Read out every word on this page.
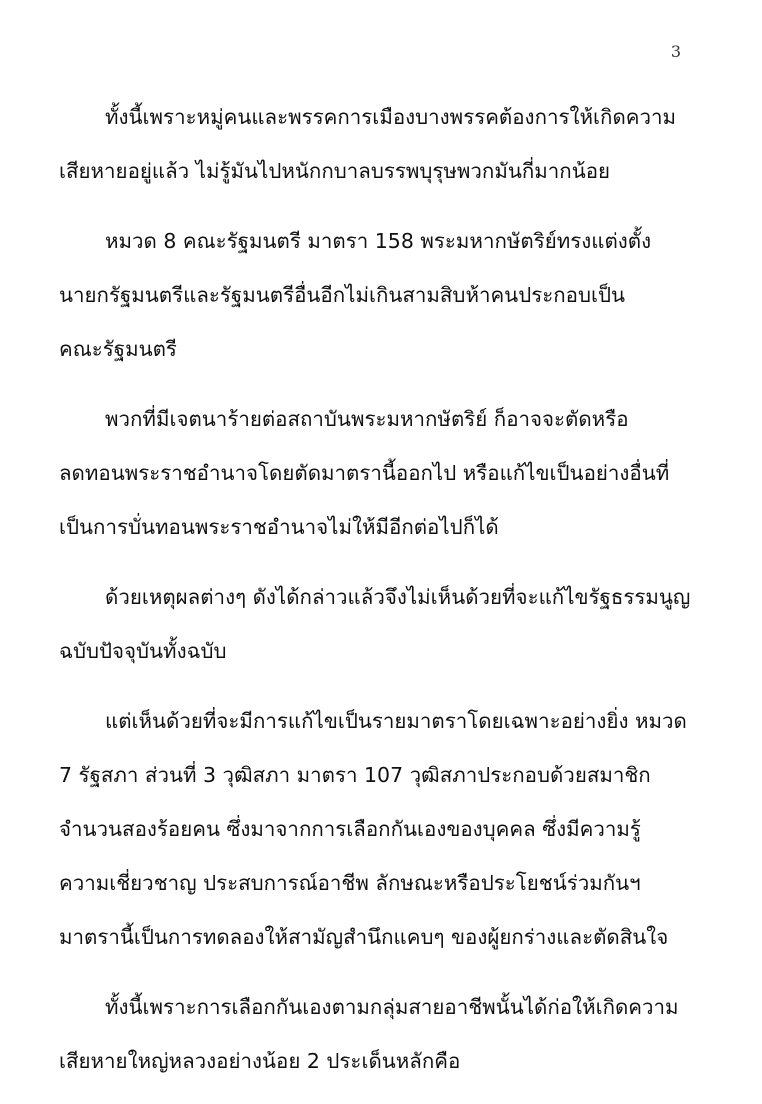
3
ทั้งนี้เพราะหมู่คนและพรรคการเมืองบางพรรคต้องการให้เกิดความ
เสียหายอยู่แล้ว ไม่รู้มันไปหนักกบาลบรรพบุรุษพวกมันกี่มากน้อย
หมวด 8 คณะรัฐมนตรี มาตรา 158 พระมหากษัตริย์ทรงแต่งตั้ง
นายกรัฐมนตรีและรัฐมนตรีอื่นอีกไม่เกินสามสิบห้าคนประกอบเป็น
คณะรัฐมนตรี
พวกที่มีเจตนาร้ายต่อสถาบันพระมหากษัตริย์ ก็อาจจะตัดหรือ
ลดทอนพระราชอำนาจโดยตัดมาตรานี้ออกไป หรือแก้ไขเป็นอย่างอื่นที่
เป็นการบั่นทอนพระราชอำนาจไม่ให้มีอีกต่อไปก็ได้
ด้วยเหตุผลต่างๆ ดังได้กล่าวแล้วจึงไม่เห็นด้วยที่จะแก้ไขรัฐธรรมนูญ
ฉบับปัจจุบันทั้งฉบับ
แต่เห็นด้วยที่จะมีการแก้ไขเป็นรายมาตราโดยเฉพาะอย่างยิ่ง หมวด
7 รัฐสภา ส่วนที่ 3 วุฒิสภา มาตรา 107 วุฒิสภาประกอบด้วยสมาชิก
จำนวนสองร้อยคน ซึ่งมาจากการเลือกกันเองของบุคคล ซึ่งมีความรู้
ความเชี่ยวชาญ ประสบการณ์อาชีพ ลักษณะหรือประโยชน์ร่วมกันฯ
มาตรานี้เป็นการทดลองให้สามัญสำนึกแคบๆ ของผู้ยกร่างและตัดสินใจ
ทั้งนี้เพราะการเลือกกันเองตามกลุ่มสายอาชีพนั้นได้ก่อให้เกิดความ
เสียหายใหญ่หลวงอย่างน้อย 2 ประเด็นหลักคือ
